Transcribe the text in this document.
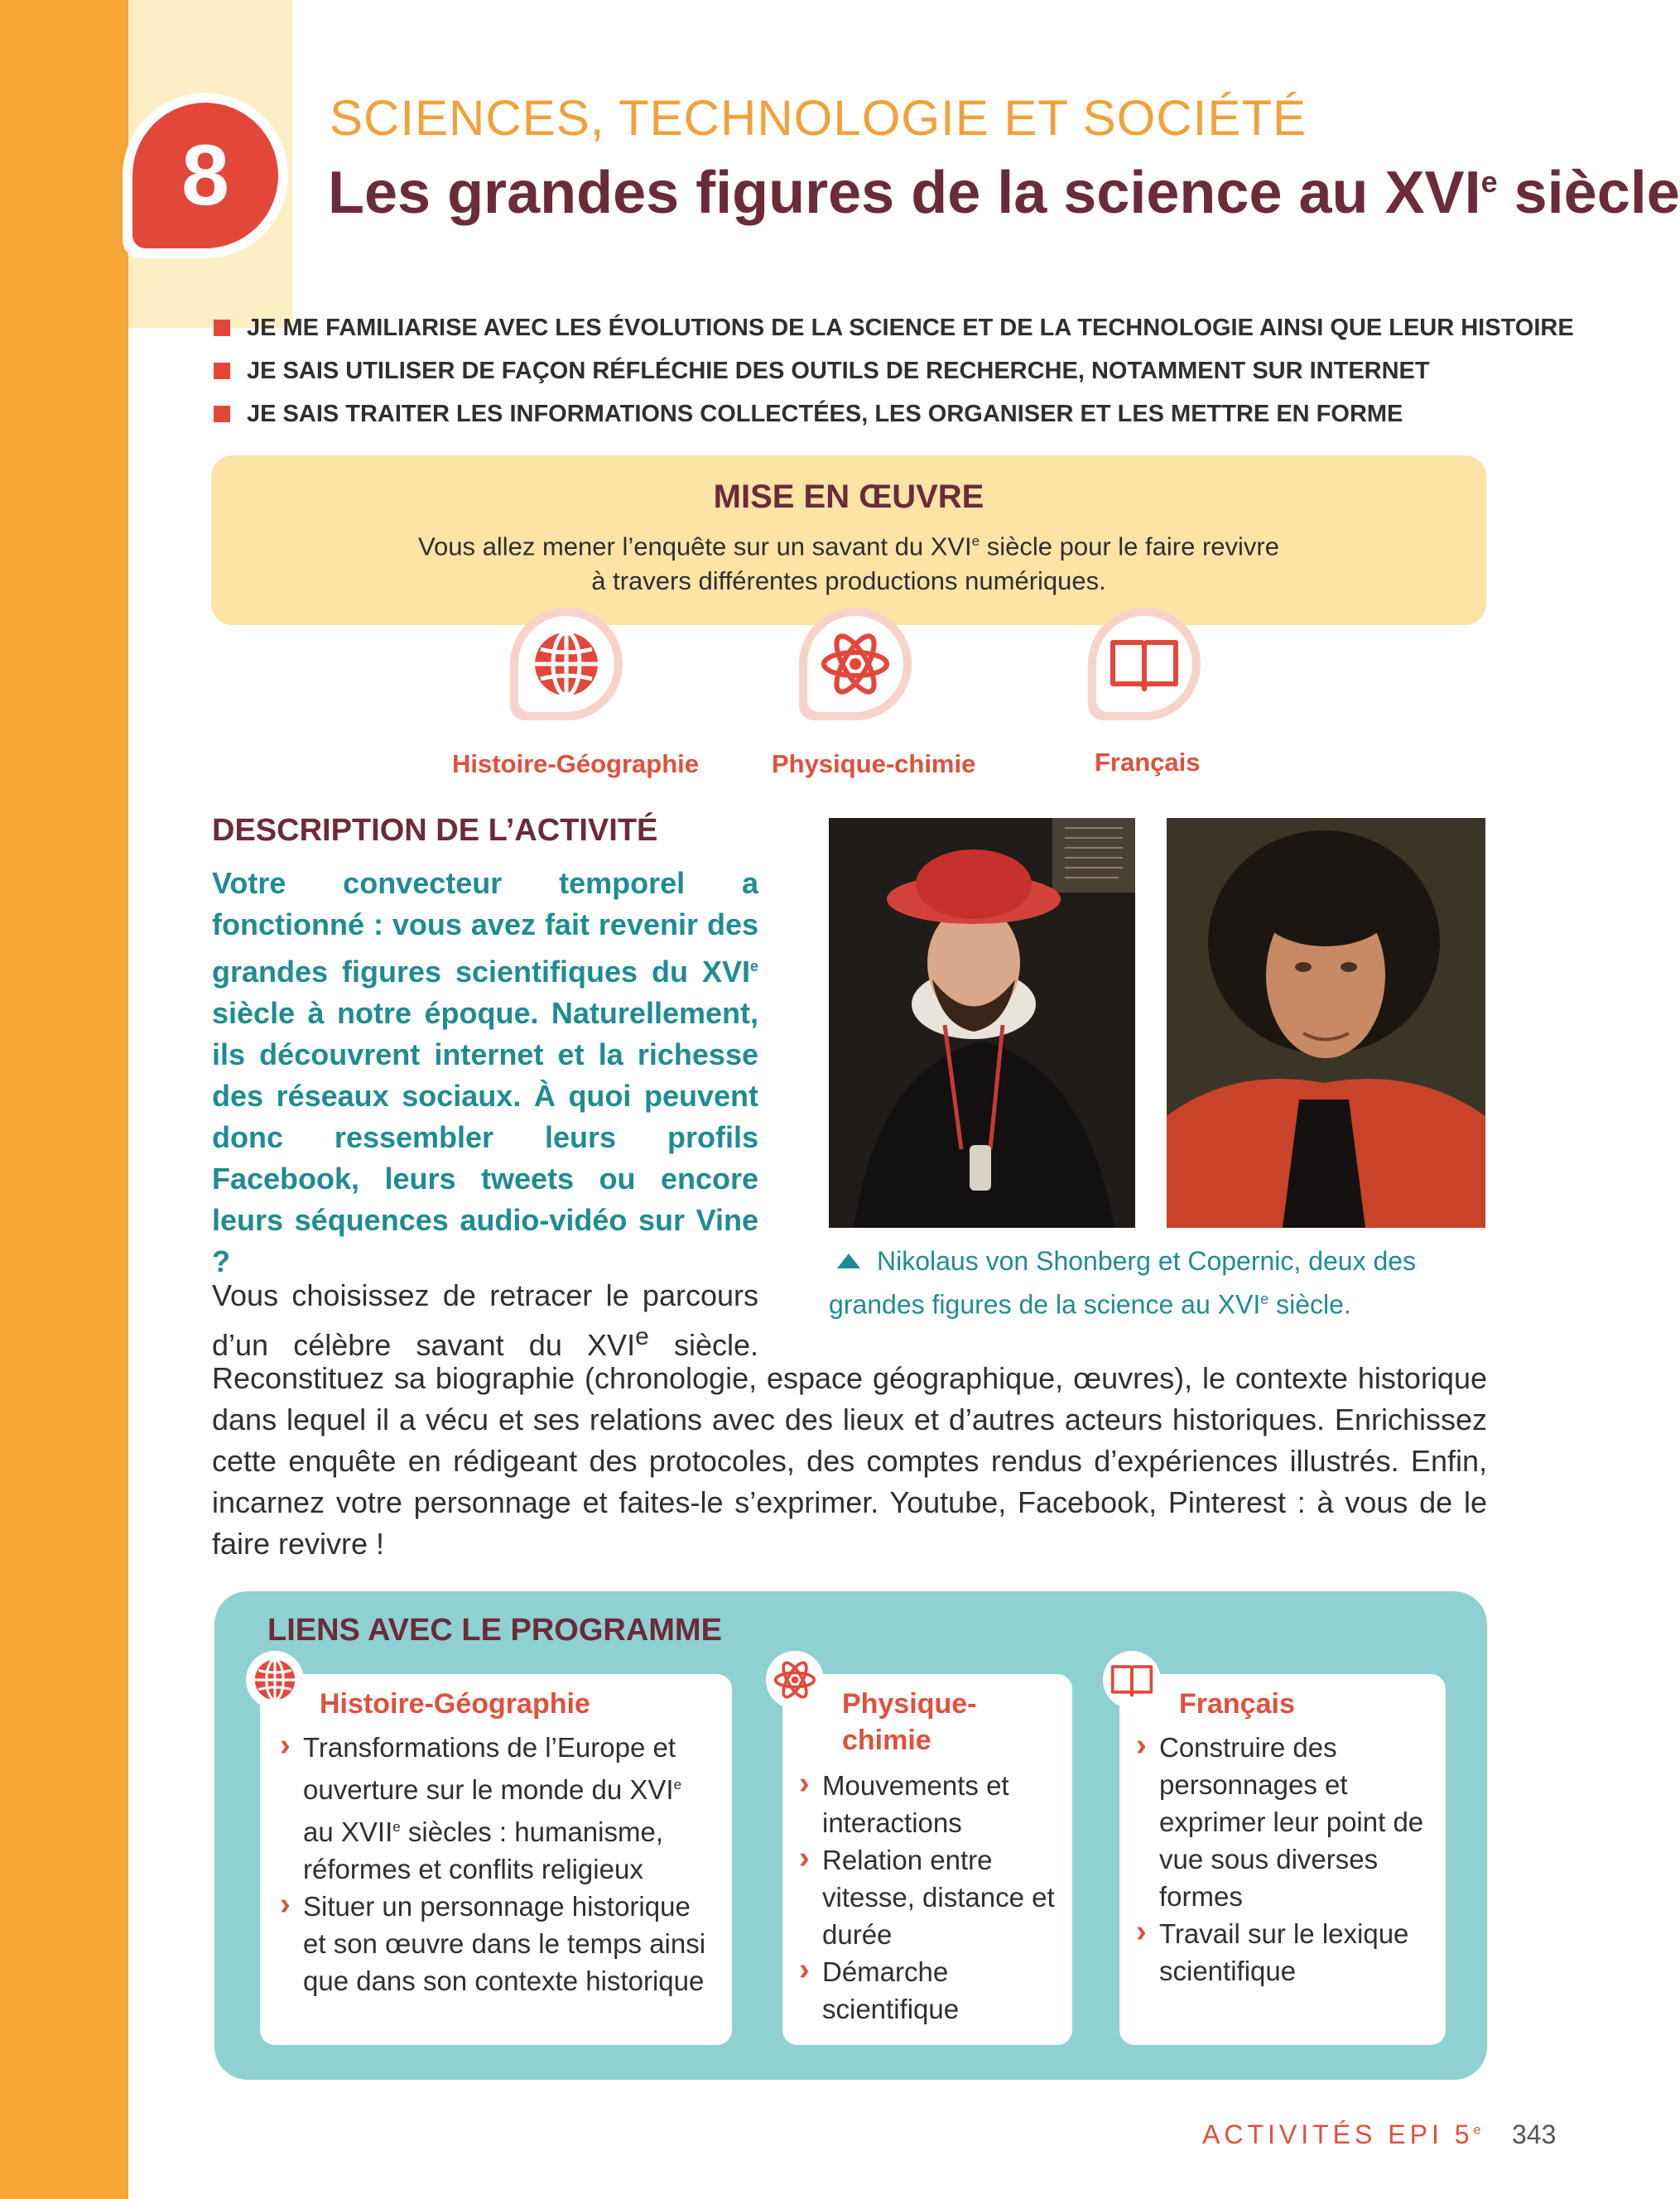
8
SCIENCES, TECHNOLOGIE ET SOCIÉTÉ
Les grandes figures de la science au XVIe siècle
JE ME FAMILIARISE AVEC LES ÉVOLUTIONS DE LA SCIENCE ET DE LA TECHNOLOGIE AINSI QUE LEUR HISTOIRE
JE SAIS UTILISER DE FAÇON RÉFLÉCHIE DES OUTILS DE RECHERCHE, NOTAMMENT SUR INTERNET
JE SAIS TRAITER LES INFORMATIONS COLLECTÉES, LES ORGANISER ET LES METTRE EN FORME
MISE EN ŒUVRE
Vous allez mener l’enquête sur un savant du XVIe siècle pour le faire revivre
à travers différentes productions numériques.
Histoire-Géographie	Physique-chimie	Français
DESCRIPTION DE L’ACTIVITÉ
Votre convecteur temporel a fonctionné : vous avez fait revenir des grandes figures scientifiques du XVIe siècle à notre époque. Naturellement, ils découvrent internet et la richesse des réseaux sociaux. À quoi peuvent donc ressembler leurs profils Facebook, leurs tweets ou encore leurs séquences audio-vidéo sur Vine ?	Nikolaus von Shonberg et Copernic, deux des grandes figures de la science au XVIe siècle.
Vous choisissez de retracer le parcours d’un célèbre savant du XVIe siècle.
Reconstituez sa biographie (chronologie, espace géographique, œuvres), le contexte historique dans lequel il a vécu et ses relations avec des lieux et d’autres acteurs historiques. Enrichissez cette enquête en rédigeant des protocoles, des comptes rendus d’expériences illustrés. Enfin, incarnez votre personnage et faites-le s’exprimer. Youtube, Facebook, Pinterest : à vous de le faire revivre !
LIENS AVEC LE PROGRAMME
Histoire-Géographie
› Transformations de l’Europe et ouverture sur le monde du XVIe au XVIIe siècles : humanisme, réformes et conflits religieux
› Situer un personnage historique et son œuvre dans le temps ainsi que dans son contexte historique
Physique-chimie
› Mouvements et interactions
› Relation entre vitesse, distance et durée
› Démarche scientifique
Français
› Construire des personnages et exprimer leur point de vue sous diverses formes
› Travail sur le lexique scientifique
ACTIVITÉS EPI 5e 343
